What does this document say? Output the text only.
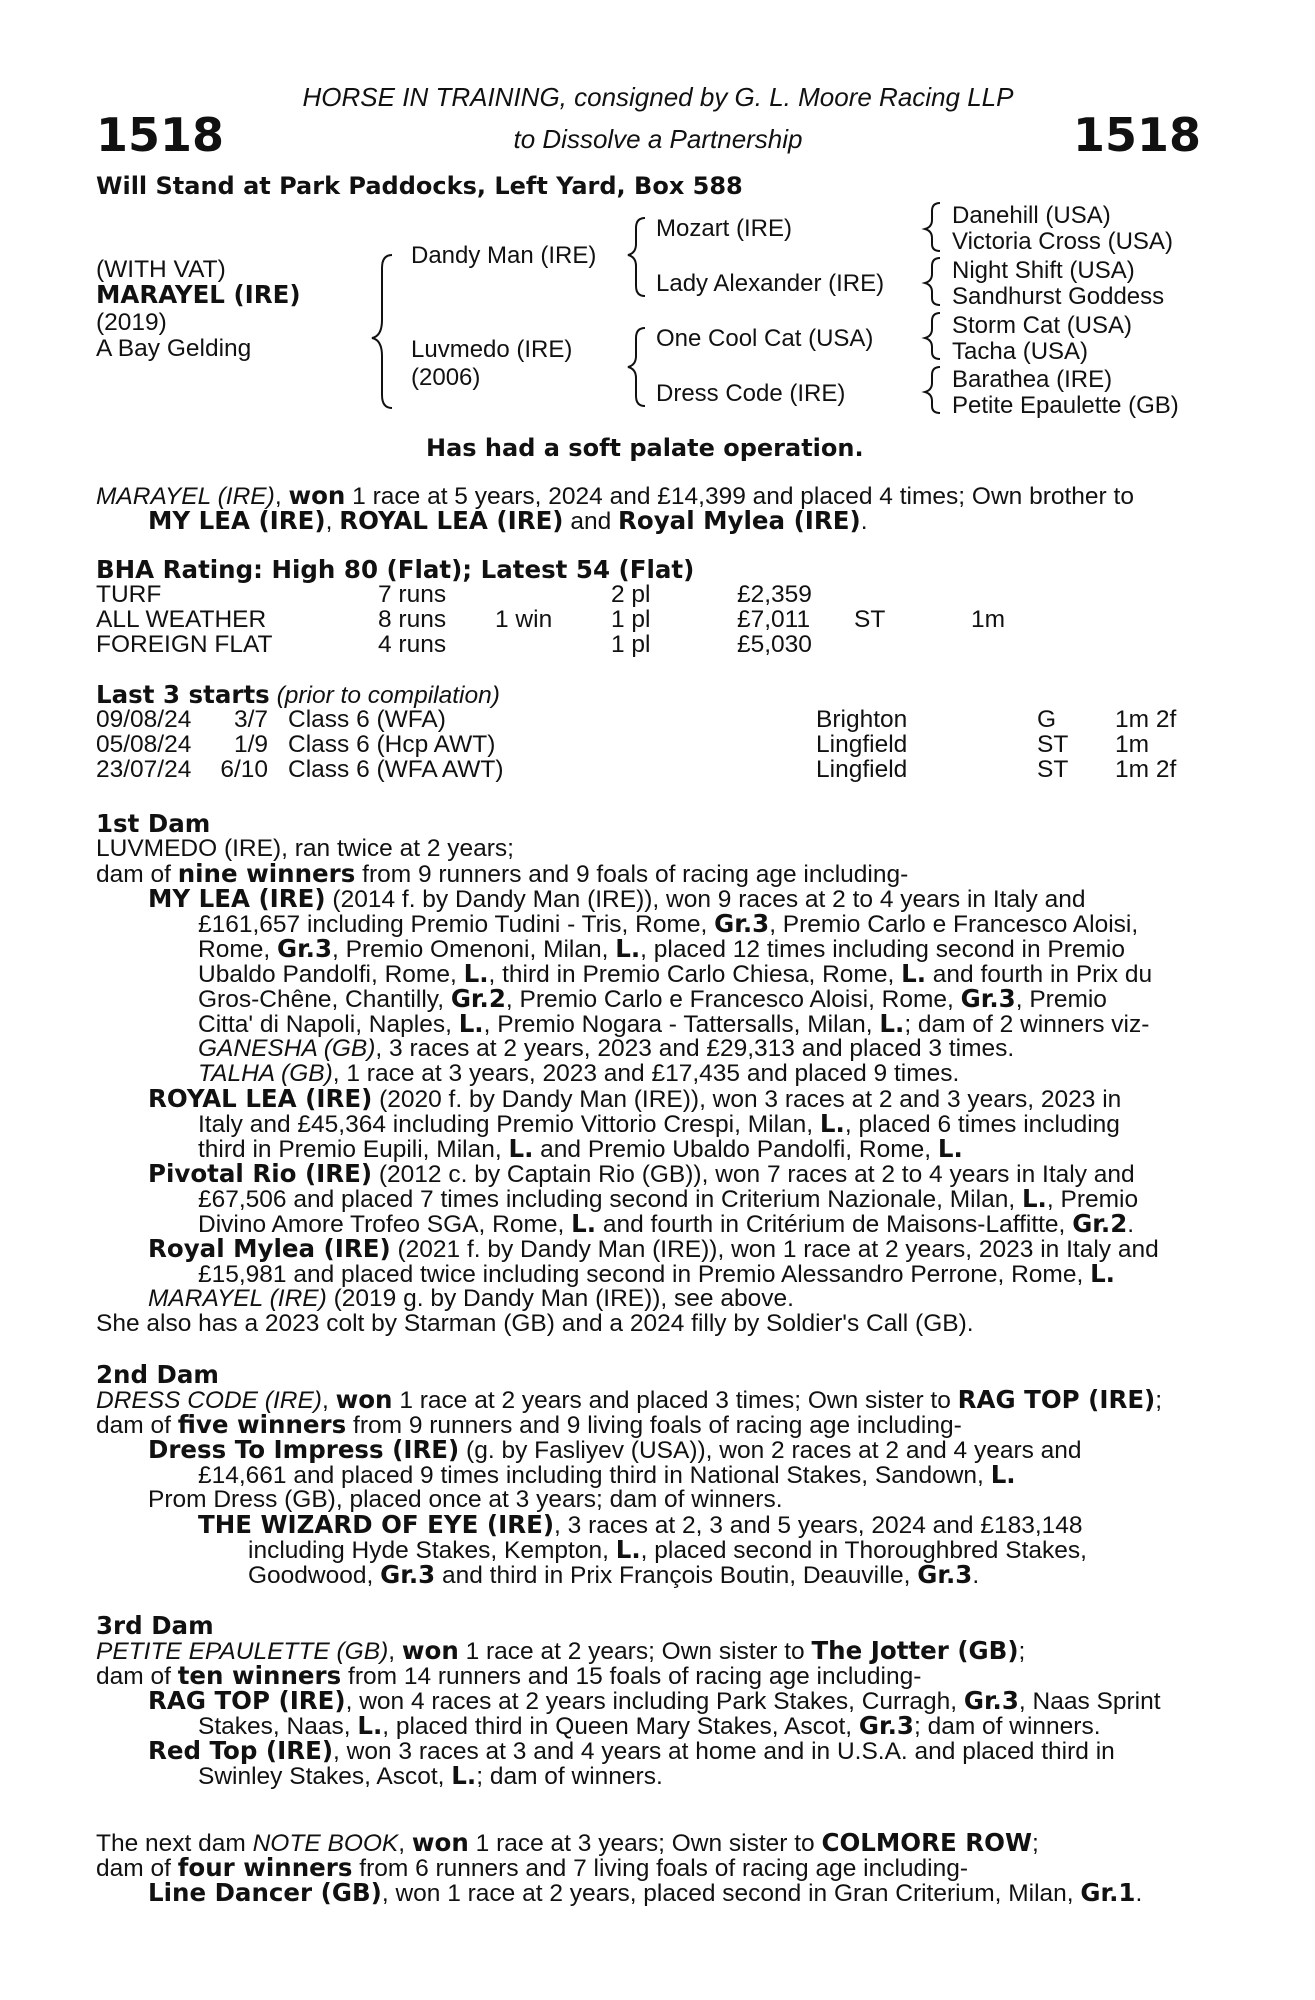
1518	1518
HORSE IN TRAINING, consigned by G. L. Moore Racing LLP
to Dissolve a Partnership
Will Stand at Park Paddocks, Left Yard, Box 588
(WITH VAT)
MARAYEL (IRE)
(2019)
A Bay Gelding
Dandy Man (IRE)
Luvmedo (IRE)
(2006)
Mozart (IRE)
Lady Alexander (IRE)
One Cool Cat (USA)
Dress Code (IRE)
Danehill (USA)
Victoria Cross (USA)
Night Shift (USA)
Sandhurst Goddess
Storm Cat (USA)
Tacha (USA)
Barathea (IRE)
Petite Epaulette (GB)
Has had a soft palate operation.
MARAYEL (IRE), won 1 race at 5 years, 2024 and £14,399 and placed 4 times; Own brother to
MY LEA (IRE), ROYAL LEA (IRE) and Royal Mylea (IRE).
BHA Rating: High 80 (Flat); Latest 54 (Flat)
TURF	7 runs	2 pl	£2,359
ALL WEATHER	8 runs 1 win 1 pl	£7,011 ST	1m
FOREIGN FLAT	4 runs	1 pl	£5,030
Last 3 starts (prior to compilation)
09/08/24 3/7 Class 6 (WFA)	Brighton	G 1m 2f
05/08/24 1/9 Class 6 (Hcp AWT)	Lingfield	ST 1m
23/07/24 6/10 Class 6 (WFA AWT)	Lingfield	ST 1m 2f
1st Dam
LUVMEDO (IRE), ran twice at 2 years;
dam of nine winners from 9 runners and 9 foals of racing age including-
MY LEA (IRE) (2014 f. by Dandy Man (IRE)), won 9 races at 2 to 4 years in Italy and
£161,657 including Premio Tudini - Tris, Rome, Gr.3, Premio Carlo e Francesco Aloisi,
Rome, Gr.3, Premio Omenoni, Milan, L., placed 12 times including second in Premio
Ubaldo Pandolfi, Rome, L., third in Premio Carlo Chiesa, Rome, L. and fourth in Prix du
Gros-Chêne, Chantilly, Gr.2, Premio Carlo e Francesco Aloisi, Rome, Gr.3, Premio
Citta' di Napoli, Naples, L., Premio Nogara - Tattersalls, Milan, L.; dam of 2 winners viz-
GANESHA (GB), 3 races at 2 years, 2023 and £29,313 and placed 3 times.
TALHA (GB), 1 race at 3 years, 2023 and £17,435 and placed 9 times.
ROYAL LEA (IRE) (2020 f. by Dandy Man (IRE)), won 3 races at 2 and 3 years, 2023 in
Italy and £45,364 including Premio Vittorio Crespi, Milan, L., placed 6 times including
third in Premio Eupili, Milan, L. and Premio Ubaldo Pandolfi, Rome, L.
Pivotal Rio (IRE) (2012 c. by Captain Rio (GB)), won 7 races at 2 to 4 years in Italy and
£67,506 and placed 7 times including second in Criterium Nazionale, Milan, L., Premio
Divino Amore Trofeo SGA, Rome, L. and fourth in Critérium de Maisons-Laffitte, Gr.2.
Royal Mylea (IRE) (2021 f. by Dandy Man (IRE)), won 1 race at 2 years, 2023 in Italy and
£15,981 and placed twice including second in Premio Alessandro Perrone, Rome, L.
MARAYEL (IRE) (2019 g. by Dandy Man (IRE)), see above.
She also has a 2023 colt by Starman (GB) and a 2024 filly by Soldier's Call (GB).
2nd Dam
DRESS CODE (IRE), won 1 race at 2 years and placed 3 times; Own sister to RAG TOP (IRE);
dam of five winners from 9 runners and 9 living foals of racing age including-
Dress To Impress (IRE) (g. by Fasliyev (USA)), won 2 races at 2 and 4 years and
£14,661 and placed 9 times including third in National Stakes, Sandown, L.
Prom Dress (GB), placed once at 3 years; dam of winners.
THE WIZARD OF EYE (IRE), 3 races at 2, 3 and 5 years, 2024 and £183,148
including Hyde Stakes, Kempton, L., placed second in Thoroughbred Stakes,
Goodwood, Gr.3 and third in Prix François Boutin, Deauville, Gr.3.
3rd Dam
PETITE EPAULETTE (GB), won 1 race at 2 years; Own sister to The Jotter (GB);
dam of ten winners from 14 runners and 15 foals of racing age including-
RAG TOP (IRE), won 4 races at 2 years including Park Stakes, Curragh, Gr.3, Naas Sprint
Stakes, Naas, L., placed third in Queen Mary Stakes, Ascot, Gr.3; dam of winners.
Red Top (IRE), won 3 races at 3 and 4 years at home and in U.S.A. and placed third in
Swinley Stakes, Ascot, L.; dam of winners.
The next dam NOTE BOOK, won 1 race at 3 years; Own sister to COLMORE ROW;
dam of four winners from 6 runners and 7 living foals of racing age including-
Line Dancer (GB), won 1 race at 2 years, placed second in Gran Criterium, Milan, Gr.1.
